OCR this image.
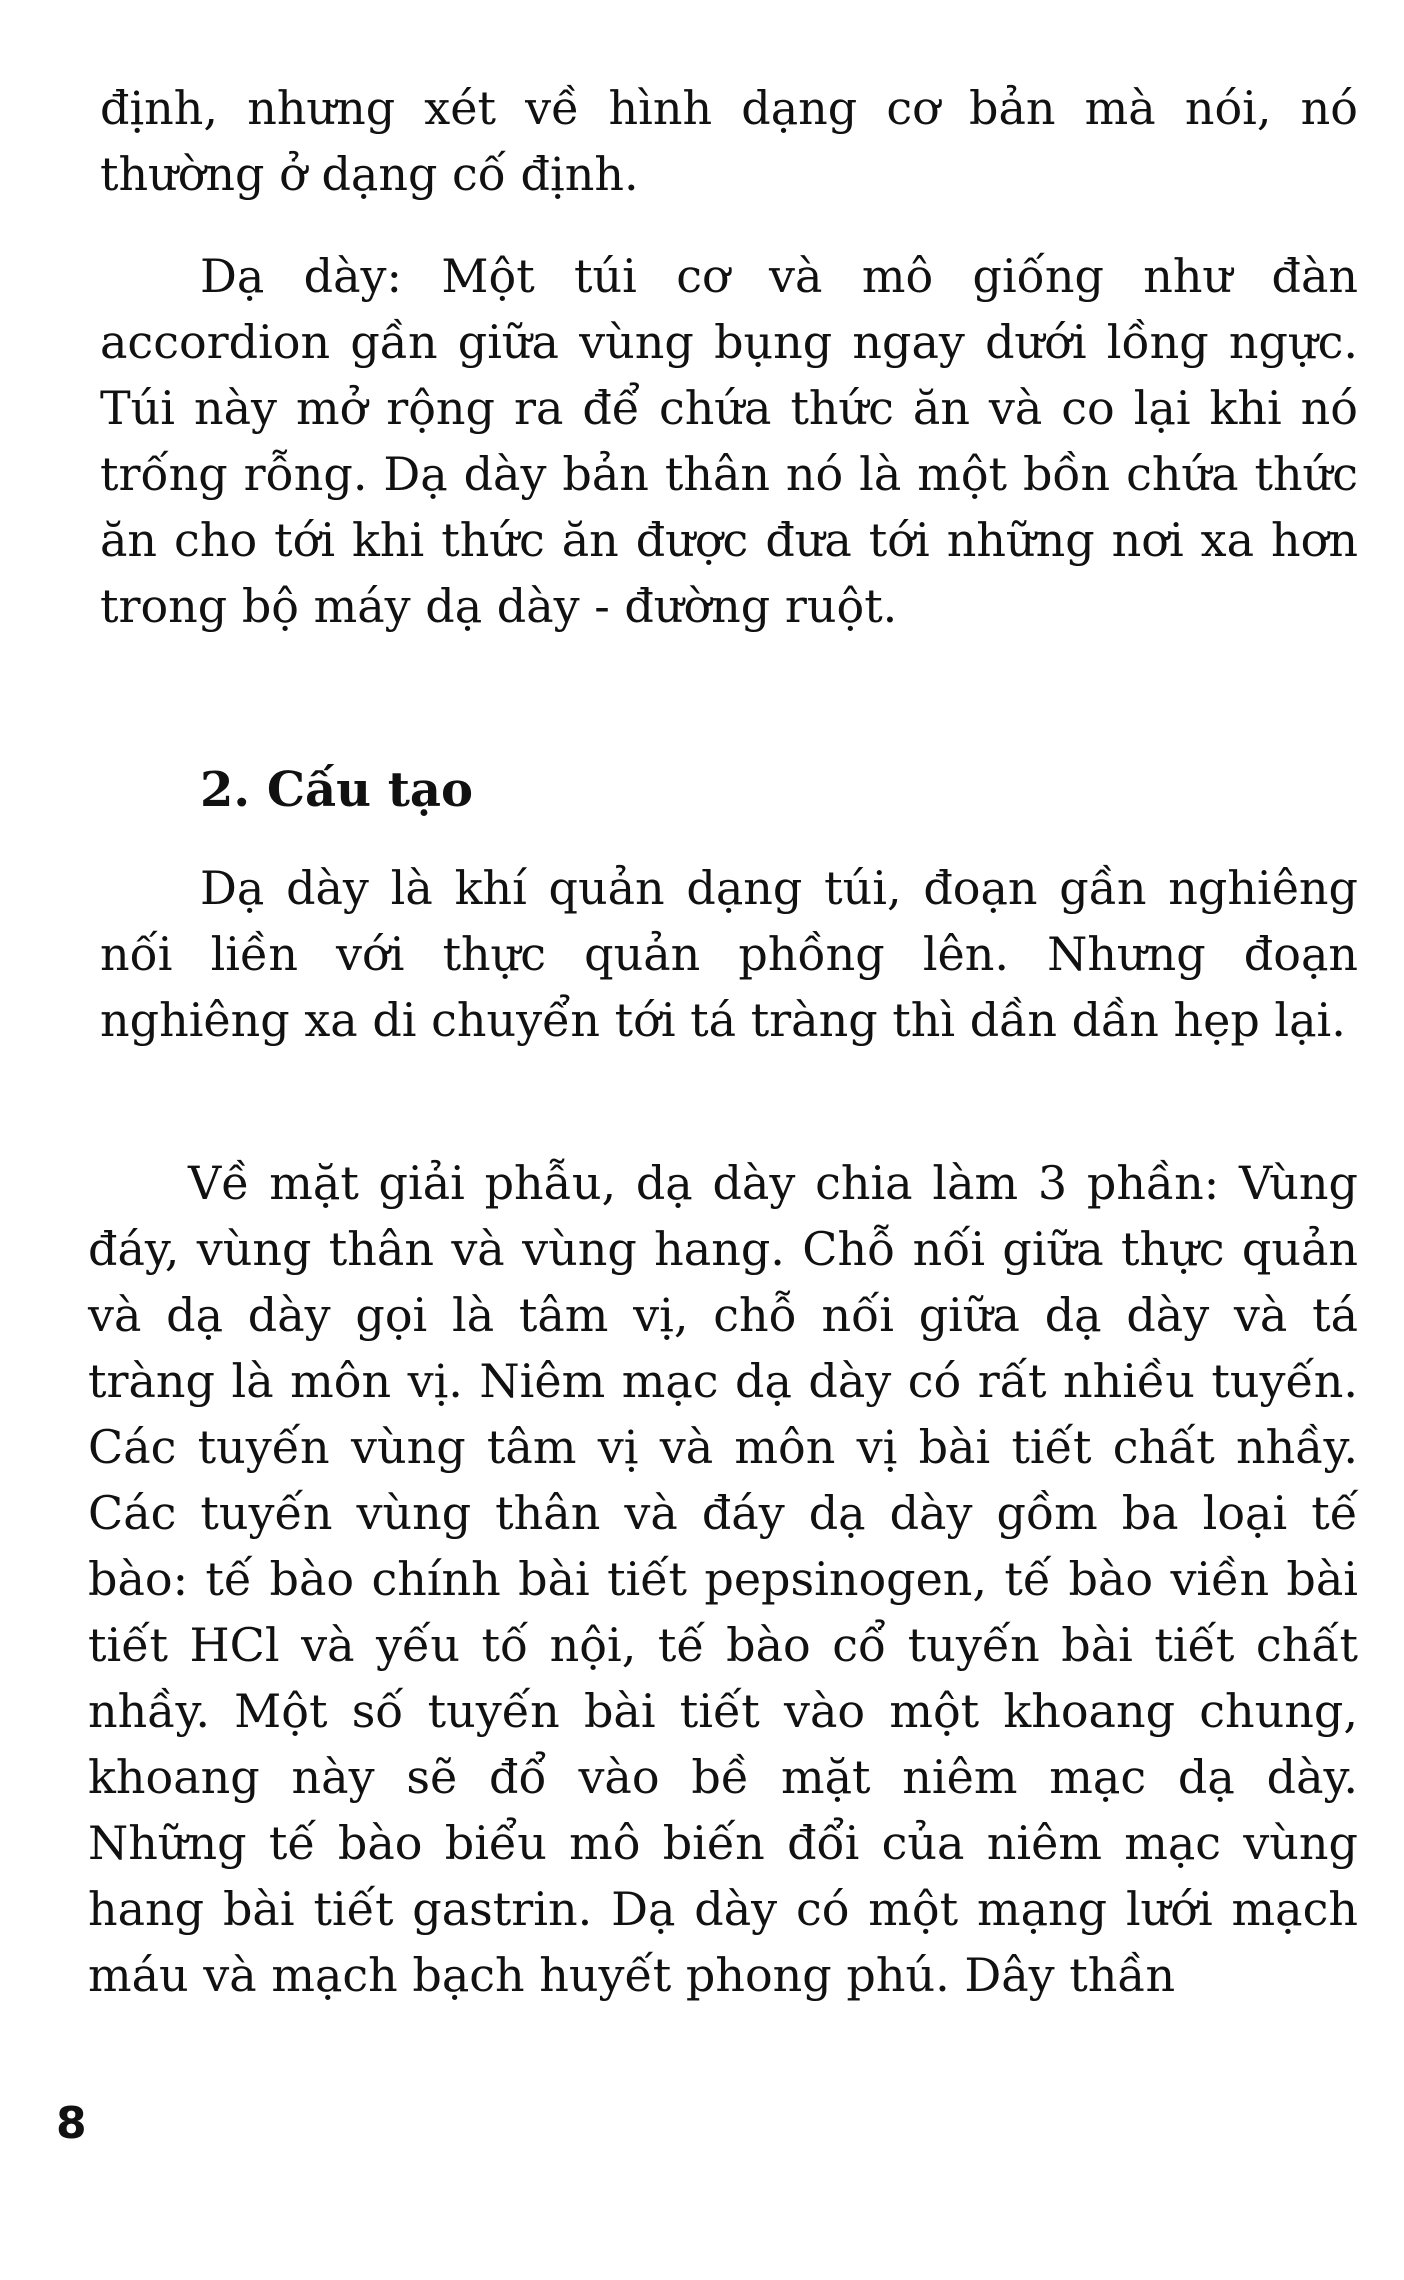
định, nhưng xét về hình dạng cơ bản mà nói, nó thường ở dạng cố định.

Dạ dày: Một túi cơ và mô giống như đàn accordion gần giữa vùng bụng ngay dưới lồng ngực. Túi này mở rộng ra để chứa thức ăn và co lại khi nó trống rỗng. Dạ dày bản thân nó là một bồn chứa thức ăn cho tới khi thức ăn được đưa tới những nơi xa hơn trong bộ máy dạ dày - đường ruột.

2. Cấu tạo

Dạ dày là khí quản dạng túi, đoạn gần nghiêng nối liền với thực quản phồng lên. Nhưng đoạn nghiêng xa di chuyển tới tá tràng thì dần dần hẹp lại.

Về mặt giải phẫu, dạ dày chia làm 3 phần: Vùng đáy, vùng thân và vùng hang. Chỗ nối giữa thực quản và dạ dày gọi là tâm vị, chỗ nối giữa dạ dày và tá tràng là môn vị. Niêm mạc dạ dày có rất nhiều tuyến. Các tuyến vùng tâm vị và môn vị bài tiết chất nhầy. Các tuyến vùng thân và đáy dạ dày gồm ba loại tế bào: tế bào chính bài tiết pepsinogen, tế bào viền bài tiết HCl và yếu tố nội, tế bào cổ tuyến bài tiết chất nhầy. Một số tuyến bài tiết vào một khoang chung, khoang này sẽ đổ vào bề mặt niêm mạc dạ dày. Những tế bào biểu mô biến đổi của niêm mạc vùng hang bài tiết gastrin. Dạ dày có một mạng lưới mạch máu và mạch bạch huyết phong phú. Dây thần

8
